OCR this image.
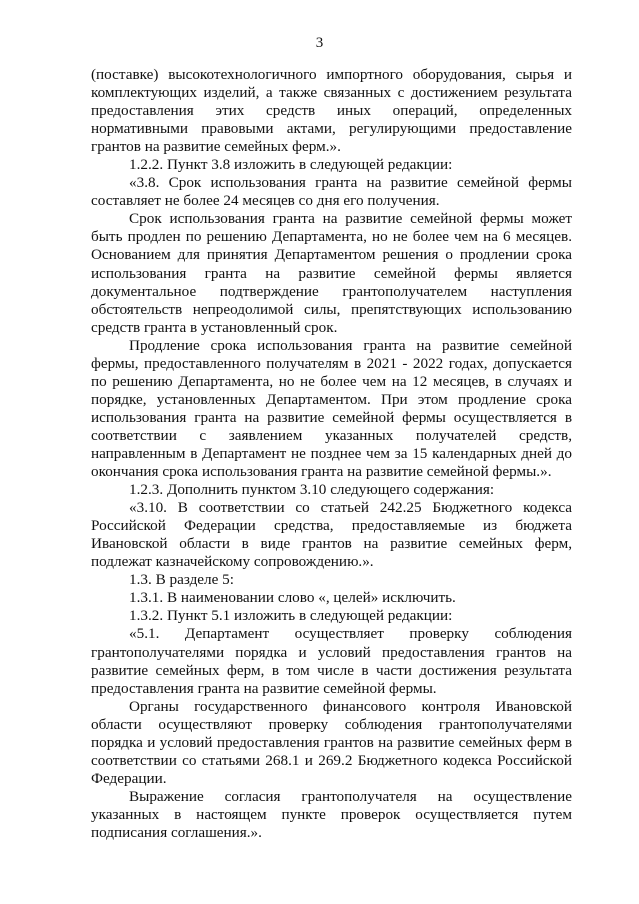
3

(поставке) высокотехнологичного импортного оборудования, сырья и комплектующих изделий, а также связанных с достижением результата предоставления этих средств иных операций, определенных нормативными правовыми актами, регулирующими предоставление грантов на развитие семейных ферм.».

1.2.2. Пункт 3.8 изложить в следующей редакции:

«3.8. Срок использования гранта на развитие семейной фермы составляет не более 24 месяцев со дня его получения.

Срок использования гранта на развитие семейной фермы может быть продлен по решению Департамента, но не более чем на 6 месяцев. Основанием для принятия Департаментом решения о продлении срока использования гранта на развитие семейной фермы является документальное подтверждение грантополучателем наступления обстоятельств непреодолимой силы, препятствующих использованию средств гранта в установленный срок.

Продление срока использования гранта на развитие семейной фермы, предоставленного получателям в 2021 - 2022 годах, допускается по решению Департамента, но не более чем на 12 месяцев, в случаях и порядке, установленных Департаментом. При этом продление срока использования гранта на развитие семейной фермы осуществляется в соответствии с заявлением указанных получателей средств, направленным в Департамент не позднее чем за 15 календарных дней до окончания срока использования гранта на развитие семейной фермы.».

1.2.3. Дополнить пунктом 3.10 следующего содержания:

«3.10. В соответствии со статьей 242.25 Бюджетного кодекса Российской Федерации средства, предоставляемые из бюджета Ивановской области в виде грантов на развитие семейных ферм, подлежат казначейскому сопровождению.».

1.3. В разделе 5:

1.3.1. В наименовании слово «, целей» исключить.

1.3.2. Пункт 5.1 изложить в следующей редакции:

«5.1. Департамент осуществляет проверку соблюдения грантополучателями порядка и условий предоставления грантов на развитие семейных ферм, в том числе в части достижения результата предоставления гранта на развитие семейной фермы.

Органы государственного финансового контроля Ивановской области осуществляют проверку соблюдения грантополучателями порядка и условий предоставления грантов на развитие семейных ферм в соответствии со статьями 268.1 и 269.2 Бюджетного кодекса Российской Федерации.

Выражение согласия грантополучателя на осуществление указанных в настоящем пункте проверок осуществляется путем подписания соглашения.».
